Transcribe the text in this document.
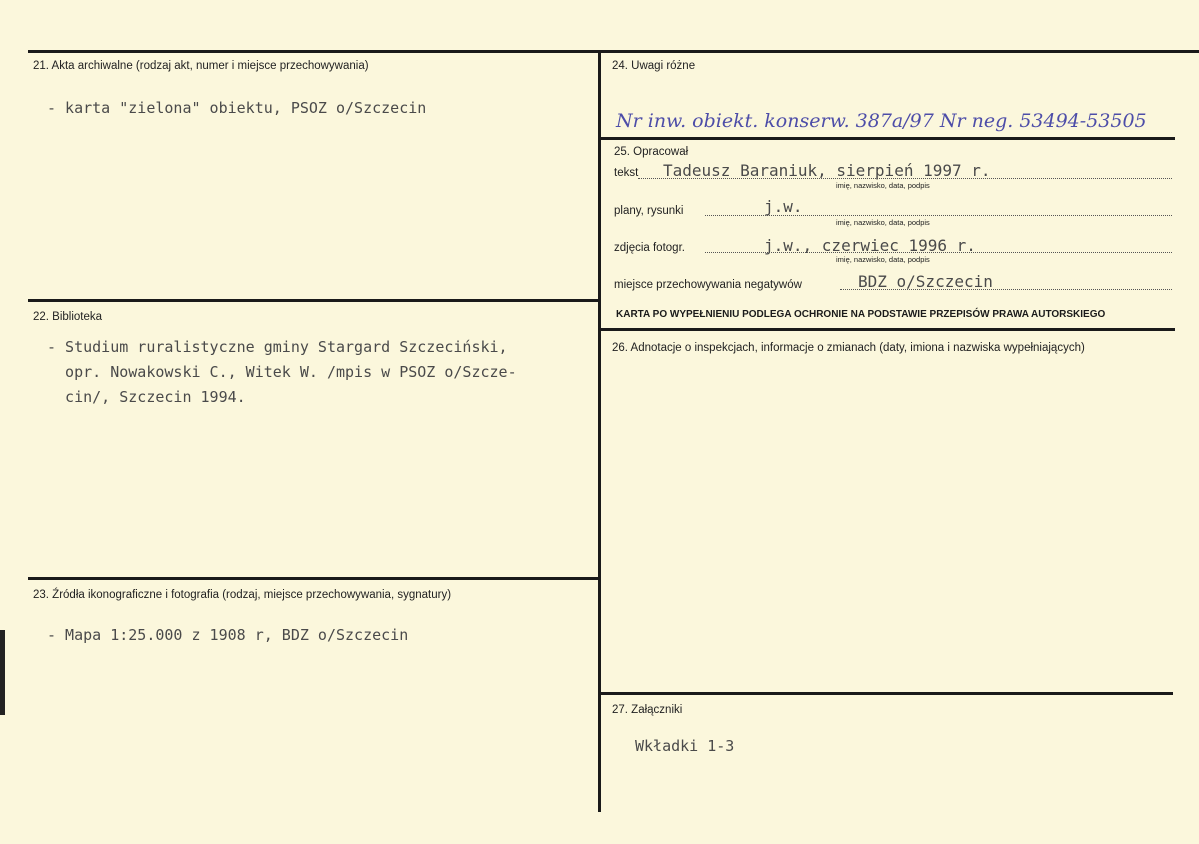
21. Akta archiwalne (rodzaj akt, numer i miejsce przechowywania)
- karta "zielona" obiektu, PSOZ o/Szczecin
22. Biblioteka
- Studium ruralistyczne gminy Stargard Szczeciński,
opr. Nowakowski C., Witek W. /mpis w PSOZ o/Szcze-
cin/, Szczecin 1994.
23. Źródła ikonograficzne i fotografia (rodzaj, miejsce przechowywania, sygnatury)
- Mapa 1:25.000 z 1908 r, BDZ o/Szczecin
24. Uwagi różne
Nr inw. obiekt. konserw. 387a/97 Nr neg. 53494-53505
25. Opracował
tekst Tadeusz Baraniuk, sierpień 1997 r.
imię, nazwisko, data, podpis
plany, rysunki	j.w.
imię, nazwisko, data, podpis
zdjęcia fotogr.	j.w., czerwiec 1996 r.
imię, nazwisko, data, podpis
miejsce przechowywania negatywów	BDZ o/Szczecin
KARTA PO WYPEŁNIENIU PODLEGA OCHRONIE NA PODSTAWIE PRZEPISÓW PRAWA AUTORSKIEGO
26. Adnotacje o inspekcjach, informacje o zmianach (daty, imiona i nazwiska wypełniających)
27. Załączniki
Wkładki 1-3
